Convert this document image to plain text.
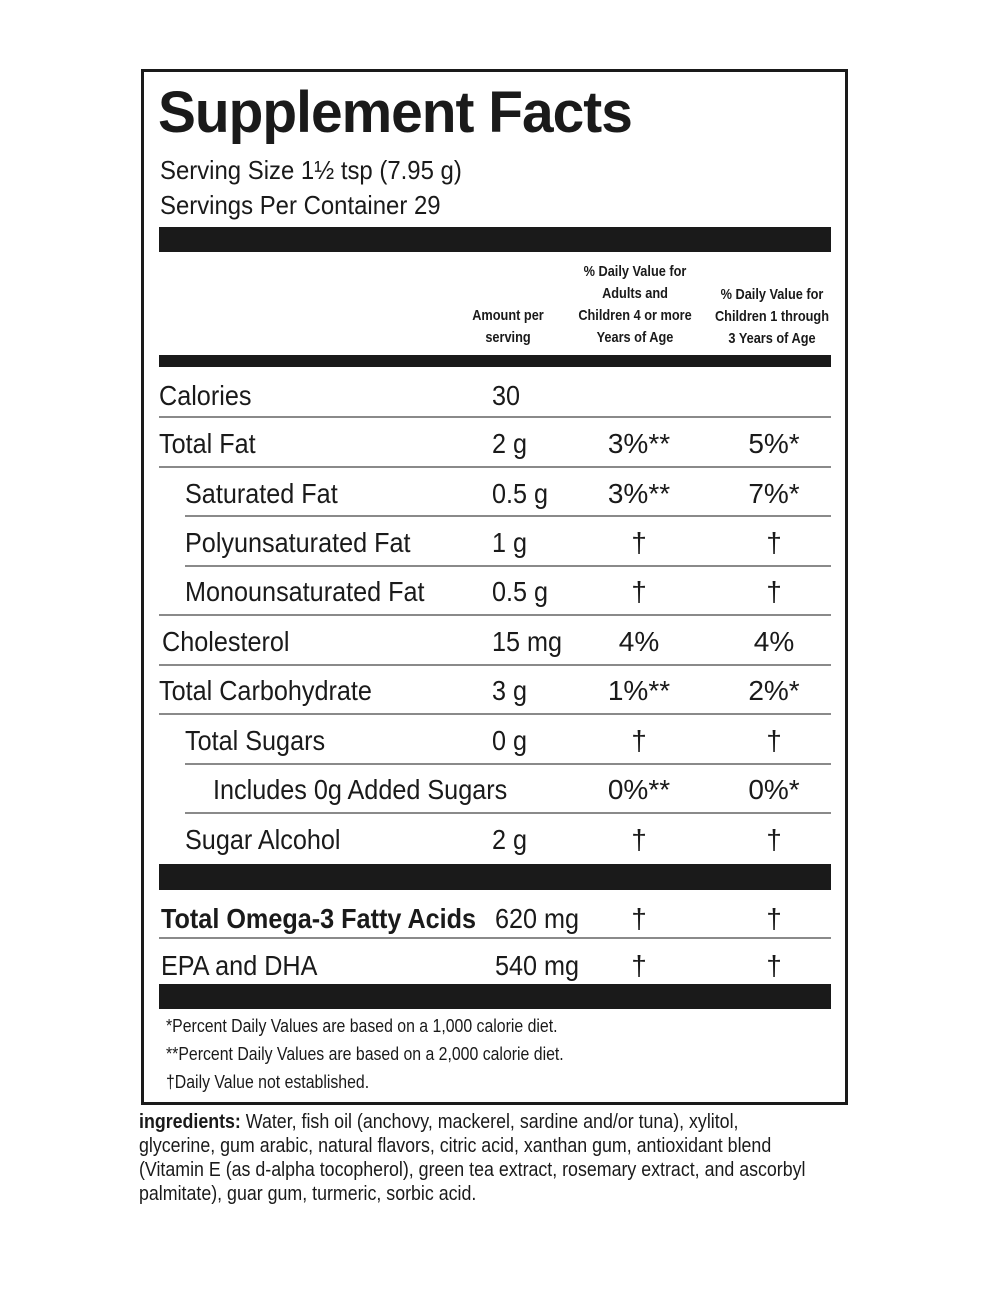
Supplement Facts
Serving Size 1½ tsp (7.95 g)
Servings Per Container 29
Amount per
serving
% Daily Value for
Adults and
Children 4 or more
Years of Age
% Daily Value for
Children 1 through
3 Years of Age
Calories	30
Total Fat	2 g	3%**	5%*
Saturated Fat	0.5 g	3%**	7%*
Polyunsaturated Fat	1 g	†	†
Monounsaturated Fat 0.5 g	†	†
Cholesterol	15 mg	4%	4%
Total Carbohydrate	3 g	1%**	2%*
Total Sugars	0 g	†	†
Includes 0g Added Sugars	0%**	0%*
Sugar Alcohol	2 g	†	†
Total Omega-3 Fatty Acids 620 mg	†	†
EPA and DHA	540 mg	†	†
*Percent Daily Values are based on a 1,000 calorie diet.
**Percent Daily Values are based on a 2,000 calorie diet.
†Daily Value not established.
ingredients: Water, fish oil (anchovy, mackerel, sardine and/or tuna), xylitol, glycerine, gum arabic, natural flavors, citric acid, xanthan gum, antioxidant blend (Vitamin E (as d-alpha tocopherol), green tea extract, rosemary extract, and ascorbyl palmitate), guar gum, turmeric, sorbic acid.
